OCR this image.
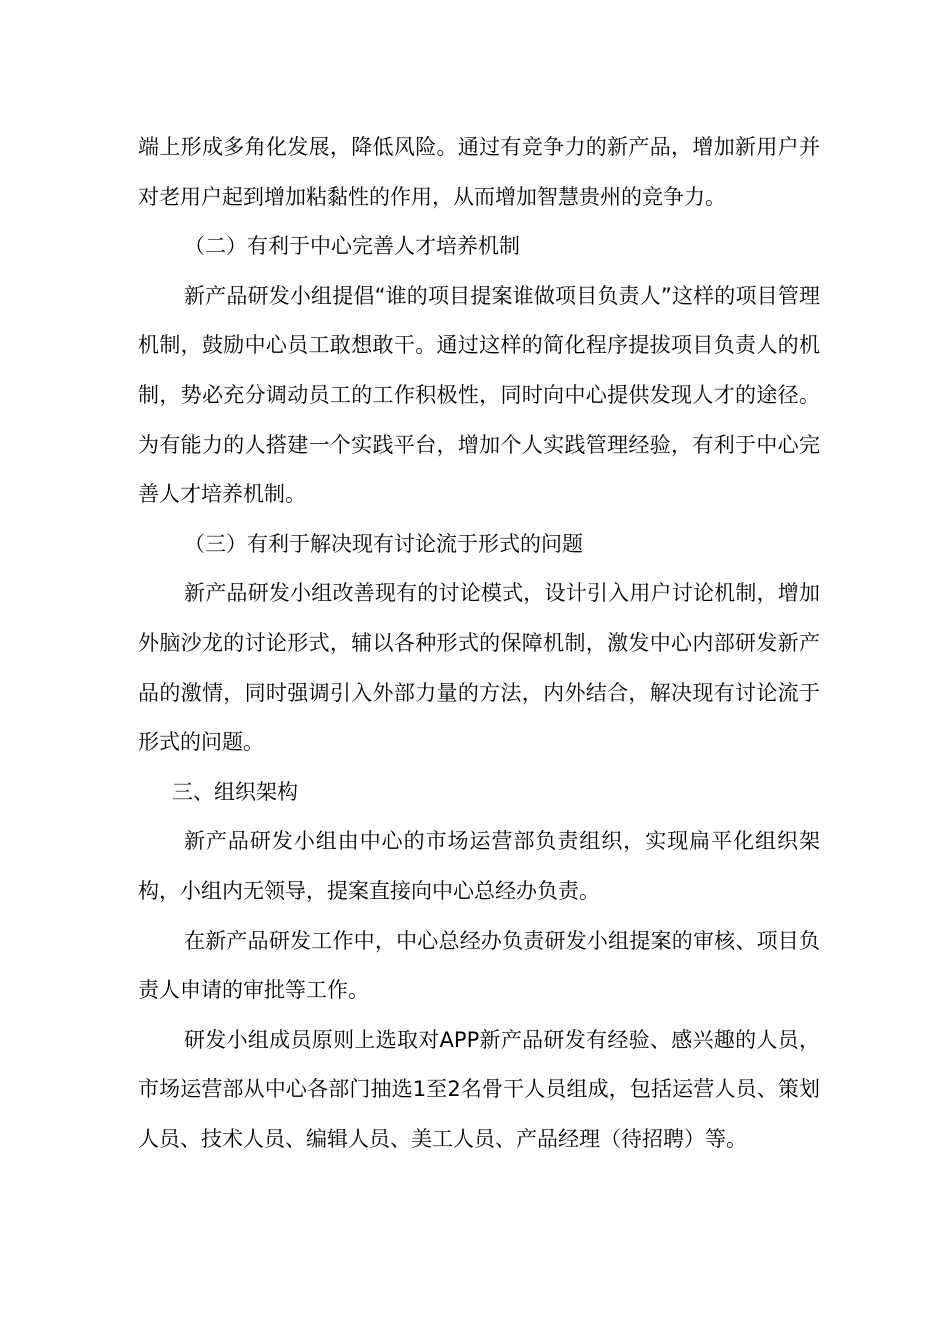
端上形成多角化发展，降低风险。通过有竞争力的新产品，增加新用户并对老用户起到增加粘黏性的作用，从而增加智慧贵州的竞争力。

（二）有利于中心完善人才培养机制

新产品研发小组提倡“谁的项目提案谁做项目负责人”这样的项目管理机制，鼓励中心员工敢想敢干。通过这样的简化程序提拔项目负责人的机制，势必充分调动员工的工作积极性，同时向中心提供发现人才的途径。为有能力的人搭建一个实践平台，增加个人实践管理经验，有利于中心完善人才培养机制。

（三）有利于解决现有讨论流于形式的问题

新产品研发小组改善现有的讨论模式，设计引入用户讨论机制，增加外脑沙龙的讨论形式，辅以各种形式的保障机制，激发中心内部研发新产品的激情，同时强调引入外部力量的方法，内外结合，解决现有讨论流于形式的问题。

三、组织架构

新产品研发小组由中心的市场运营部负责组织，实现扁平化组织架构，小组内无领导，提案直接向中心总经办负责。

在新产品研发工作中，中心总经办负责研发小组提案的审核、项目负责人申请的审批等工作。

研发小组成员原则上选取对APP新产品研发有经验、感兴趣的人员，市场运营部从中心各部门抽选1至2名骨干人员组成，包括运营人员、策划人员、技术人员、编辑人员、美工人员、产品经理（待招聘）等。
